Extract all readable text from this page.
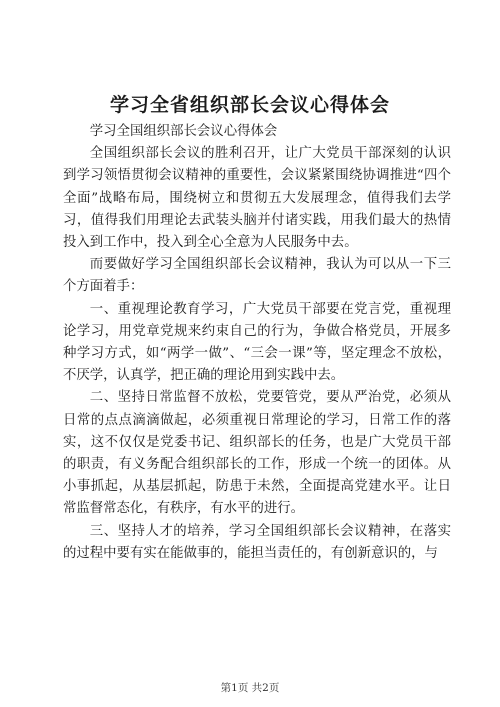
学习全省组织部长会议心得体会

学习全国组织部长会议心得体会

全国组织部长会议的胜利召开，让广大党员干部深刻的认识到学习领悟贯彻会议精神的重要性，会议紧紧围绕协调推进“四个全面”战略布局，围绕树立和贯彻五大发展理念，值得我们去学习，值得我们用理论去武装头脑并付诸实践，用我们最大的热情投入到工作中，投入到全心全意为人民服务中去。

而要做好学习全国组织部长会议精神，我认为可以从一下三个方面着手：

一、重视理论教育学习，广大党员干部要在党言党，重视理论学习，用党章党规来约束自己的行为，争做合格党员，开展多种学习方式，如“两学一做”、“三会一课”等，坚定理念不放松，不厌学，认真学，把正确的理论用到实践中去。

二、坚持日常监督不放松，党要管党，要从严治党，必须从日常的点点滴滴做起，必须重视日常理论的学习，日常工作的落实，这不仅仅是党委书记、组织部长的任务，也是广大党员干部的职责，有义务配合组织部长的工作，形成一个统一的团体。从小事抓起，从基层抓起，防患于未然，全面提高党建水平。让日常监督常态化，有秩序，有水平的进行。

三、坚持人才的培养，学习全国组织部长会议精神，在落实的过程中要有实在能做事的，能担当责任的，有创新意识的，与

第1页 共2页
